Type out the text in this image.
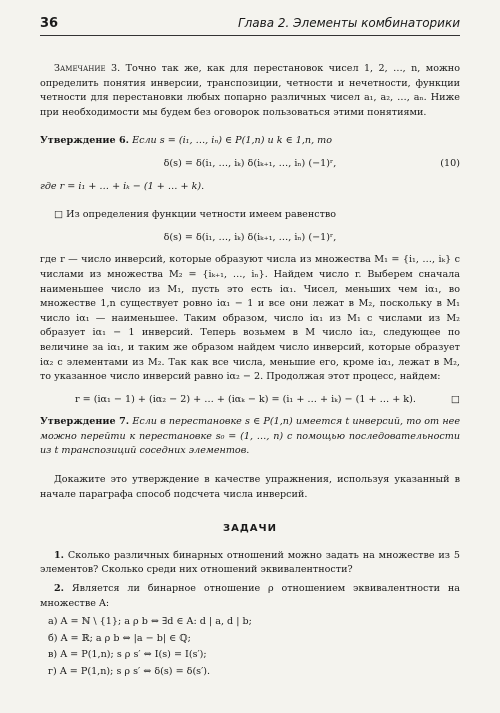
36	Глава 2. Элементы комбинаторики

Замечание 3. Точно так же, как для перестановок чисел 1, 2, …, n, можно определить понятия инверсии, транспозиции, четности и нечетности, функции четности для перестановки любых попарно различных чисел a₁, a₂, …, aₙ. Ниже при необходимости мы будем без оговорок пользоваться этими понятиями.

Утверждение 6. Если s = (i₁, …, iₙ) ∈ P(1,n) и k ∈ 1,n, то

δ(s) = δ(i₁, …, iₖ) δ(iₖ₊₁, …, iₙ) (−1)ʳ,	(10)

где r = i₁ + … + iₖ − (1 + … + k).

□ Из определения функции четности имеем равенство

δ(s) = δ(i₁, …, iₖ) δ(iₖ₊₁, …, iₙ) (−1)ʳ,

где r — число инверсий, которые образуют числа из множества M₁ = {i₁, …, iₖ} с числами из множества M₂ = {iₖ₊₁, …, iₙ}. Найдем число r. Выберем сначала наименьшее число из M₁, пусть это есть iα₁. Чисел, меньших чем iα₁, во множестве 1,n существует ровно iα₁ − 1 и все они лежат в M₂, поскольку в M₁ число iα₁ — наименьшее. Таким образом, число iα₁ из M₁ с числами из M₂ образует iα₁ − 1 инверсий. Теперь возьмем в M число iα₂, следующее по величине за iα₁, и таким же образом найдем число инверсий, которые образует iα₂ с элементами из M₂. Так как все числа, меньшие его, кроме iα₁, лежат в M₂, то указанное число инверсий равно iα₂ − 2. Продолжая этот процесс, найдем:

r = (iα₁ − 1) + (iα₂ − 2) + … + (iαₖ − k) = (i₁ + … + iₖ) − (1 + … + k).	□

Утверждение 7. Если в перестановке s ∈ P(1,n) имеется t инверсий, то от нее можно перейти к перестановке s₀ = (1, …, n) с помощью последовательности из t транспозиций соседних элементов.

Докажите это утверждение в качестве упражнения, используя указанный в начале параграфа способ подсчета числа инверсий.

ЗАДАЧИ

1. Сколько различных бинарных отношений можно задать на множестве из 5 элементов? Сколько среди них отношений эквивалентности?

2. Является ли бинарное отношение ρ отношением эквивалентности на множестве A:

а) A = ℕ \ {1}; a ρ b ⇔ ∃d ∈ A: d | a, d | b;
б) A = ℝ; a ρ b ⇔ |a − b| ∈ ℚ;
в) A = P(1,n); s ρ s′ ⇔ I(s) = I(s′);
г) A = P(1,n); s ρ s′ ⇔ δ(s) = δ(s′).
